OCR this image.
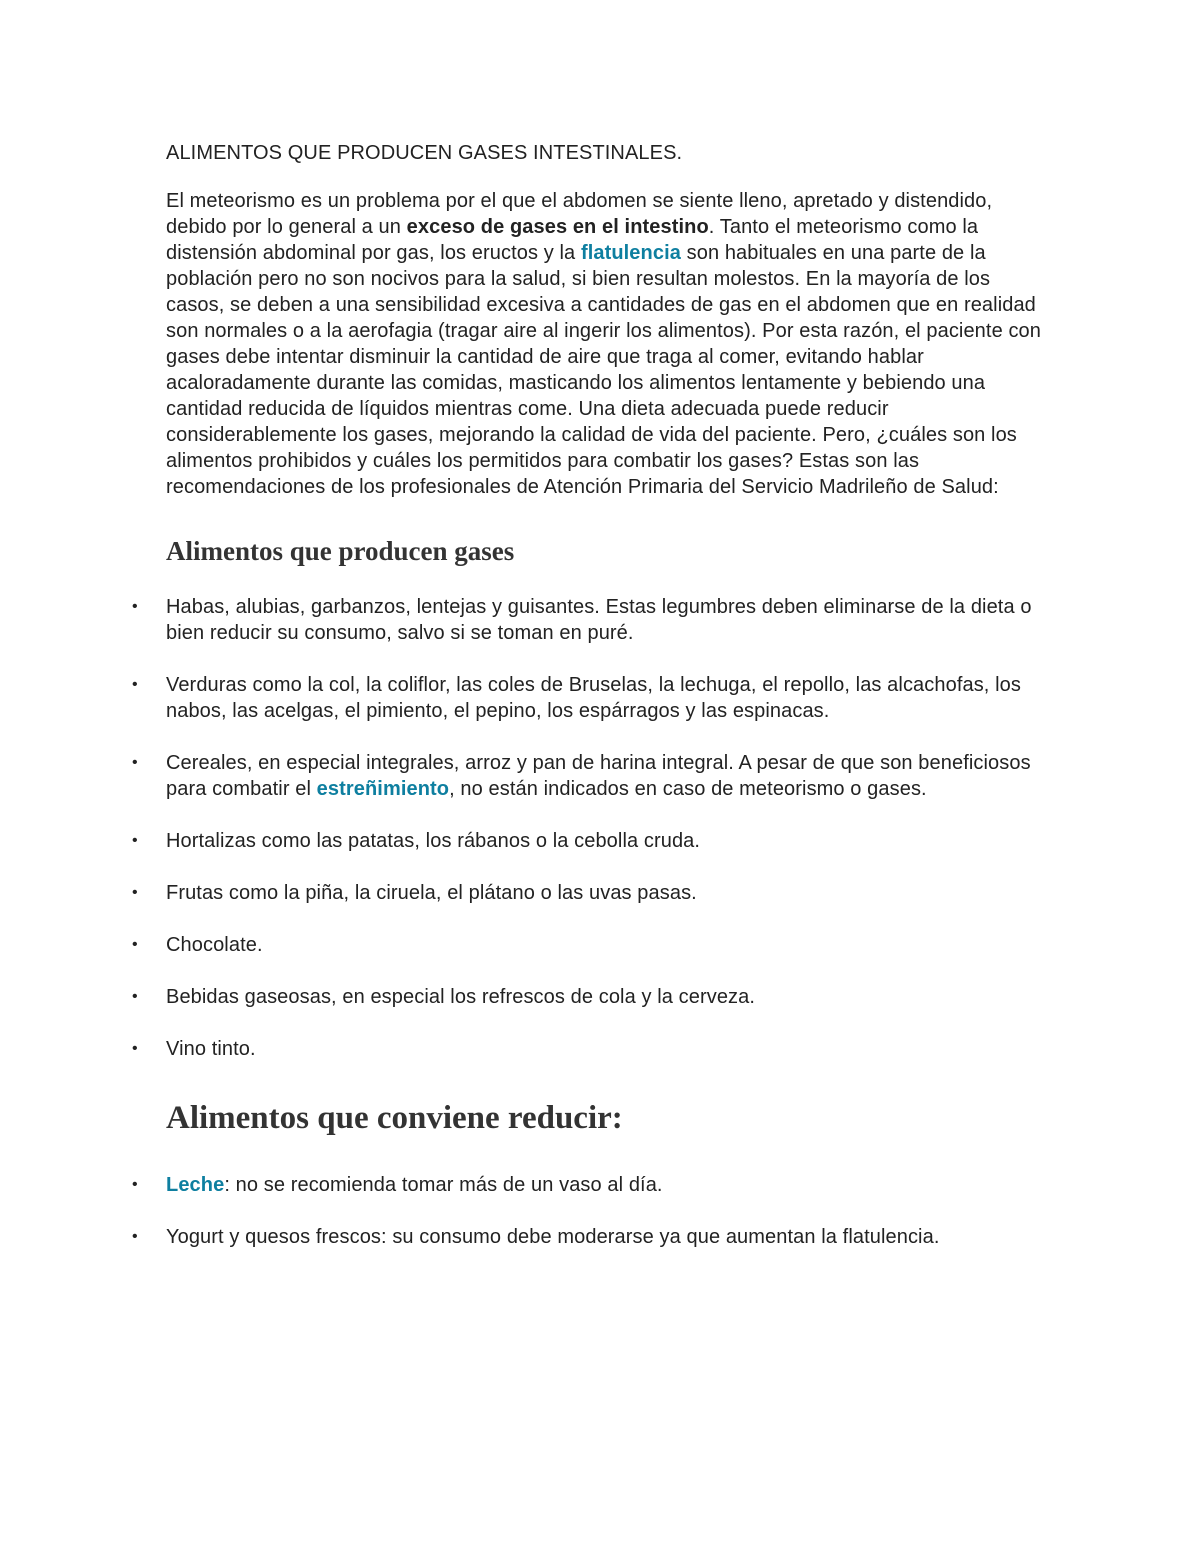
ALIMENTOS QUE PRODUCEN GASES INTESTINALES.

El meteorismo es un problema por el que el abdomen se siente lleno, apretado y distendido, debido por lo general a un exceso de gases en el intestino. Tanto el meteorismo como la distensión abdominal por gas, los eructos y la flatulencia son habituales en una parte de la población pero no son nocivos para la salud, si bien resultan molestos. En la mayoría de los casos, se deben a una sensibilidad excesiva a cantidades de gas en el abdomen que en realidad son normales o a la aerofagia (tragar aire al ingerir los alimentos). Por esta razón, el paciente con gases debe intentar disminuir la cantidad de aire que traga al comer, evitando hablar acaloradamente durante las comidas, masticando los alimentos lentamente y bebiendo una cantidad reducida de líquidos mientras come. Una dieta adecuada puede reducir considerablemente los gases, mejorando la calidad de vida del paciente. Pero, ¿cuáles son los alimentos prohibidos y cuáles los permitidos para combatir los gases? Estas son las recomendaciones de los profesionales de Atención Primaria del Servicio Madrileño de Salud:

Alimentos que producen gases
• Habas, alubias, garbanzos, lentejas y guisantes. Estas legumbres deben eliminarse de la dieta o bien reducir su consumo, salvo si se toman en puré.
• Verduras como la col, la coliflor, las coles de Bruselas, la lechuga, el repollo, las alcachofas, los nabos, las acelgas, el pimiento, el pepino, los espárragos y las espinacas.
• Cereales, en especial integrales, arroz y pan de harina integral. A pesar de que son beneficiosos para combatir el estreñimiento, no están indicados en caso de meteorismo o gases.
• Hortalizas como las patatas, los rábanos o la cebolla cruda.
• Frutas como la piña, la ciruela, el plátano o las uvas pasas.
• Chocolate.
• Bebidas gaseosas, en especial los refrescos de cola y la cerveza.
• Vino tinto.
Alimentos que conviene reducir:
• Leche: no se recomienda tomar más de un vaso al día.
• Yogurt y quesos frescos: su consumo debe moderarse ya que aumentan la flatulencia.
